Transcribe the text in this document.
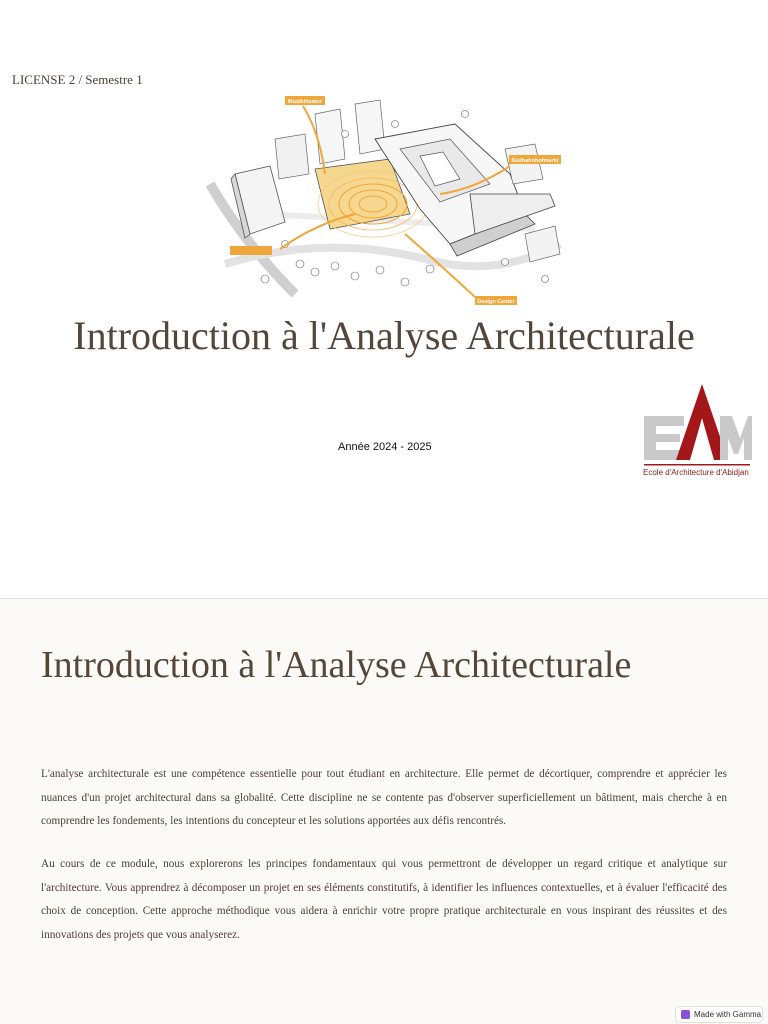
LICENSE 2 / Semestre 1
Musiktheater
Südbahnhofmarkt
Design Center
Introduction à l'Analyse Architecturale
Année 2024 - 2025
Ecole d'Architecture d'Abidjan
Introduction à l'Analyse Architecturale
L'analyse architecturale est une compétence essentielle pour tout étudiant en architecture. Elle permet de décortiquer, comprendre et apprécier les nuances d'un projet architectural dans sa globalité. Cette discipline ne se contente pas d'observer superficiellement un bâtiment, mais cherche à en comprendre les fondements, les intentions du concepteur et les solutions apportées aux défis rencontrés.
Au cours de ce module, nous explorerons les principes fondamentaux qui vous permettront de développer un regard critique et analytique sur l'architecture. Vous apprendrez à décomposer un projet en ses éléments constitutifs, à identifier les influences contextuelles, et à évaluer l'efficacité des choix de conception. Cette approche méthodique vous aidera à enrichir votre propre pratique architecturale en vous inspirant des réussites et des innovations des projets que vous analyserez.
Made with Gamma
